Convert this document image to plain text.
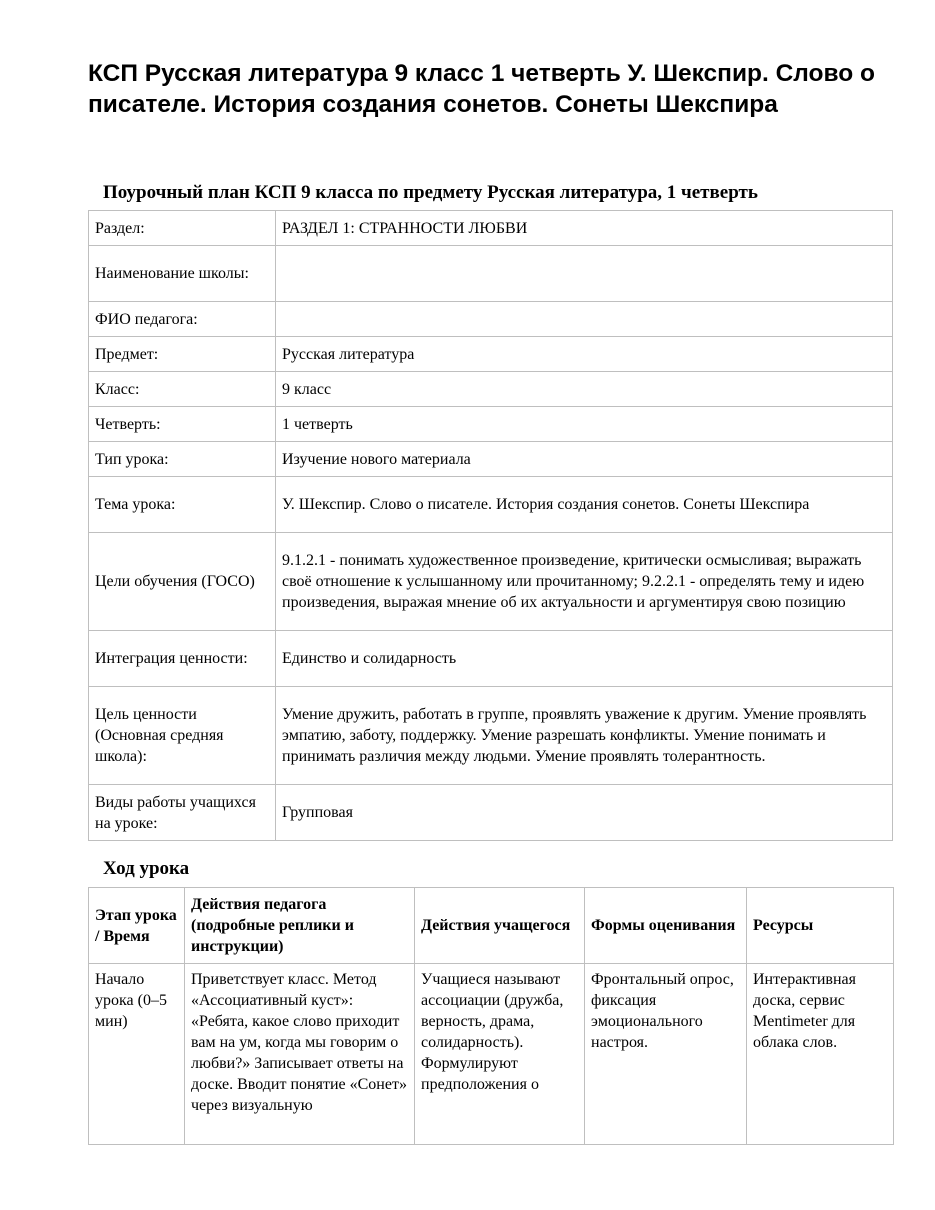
КСП Русская литература 9 класс 1 четверть У. Шекспир. Слово о писателе. История создания сонетов. Сонеты Шекспира

Поурочный план КСП 9 класса по предмету Русская литература, 1 четверть

Раздел:	РАЗДЕЛ 1: СТРАННОСТИ ЛЮБВИ
Наименование школы:	
ФИО педагога:	
Предмет:	Русская литература
Класс:	9 класс
Четверть:	1 четверть
Тип урока:	Изучение нового материала
Тема урока:	У. Шекспир. Слово о писателе. История создания сонетов. Сонеты Шекспира
Цели обучения (ГОСО)	9.1.2.1 - понимать художественное произведение, критически осмысливая; выражать своё отношение к услышанному или прочитанному; 9.2.2.1 - определять тему и идею произведения, выражая мнение об их актуальности и аргументируя свою позицию
Интеграция ценности:	Единство и солидарность
Цель ценности (Основная средняя школа):	Умение дружить, работать в группе, проявлять уважение к другим. Умение проявлять эмпатию, заботу, поддержку. Умение разрешать конфликты. Умение понимать и принимать различия между людьми. Умение проявлять толерантность.
Виды работы учащихся на уроке:	Групповая

Ход урока

Этап урока / Время	Действия педагога (подробные реплики и инструкции)	Действия учащегося	Формы оценивания	Ресурсы

Начало урока (0–5 мин)	Приветствует класс. Метод «Ассоциативный куст»: «Ребята, какое слово приходит вам на ум, когда мы говорим о любви?» Записывает ответы на доске. Вводит понятие «Сонет» через визуальную	Учащиеся называют ассоциации (дружба, верность, драма, солидарность). Формулируют предположения о	Фронтальный опрос, фиксация эмоционального настроя.	Интерактивная доска, сервис Mentimeter для облака слов.
